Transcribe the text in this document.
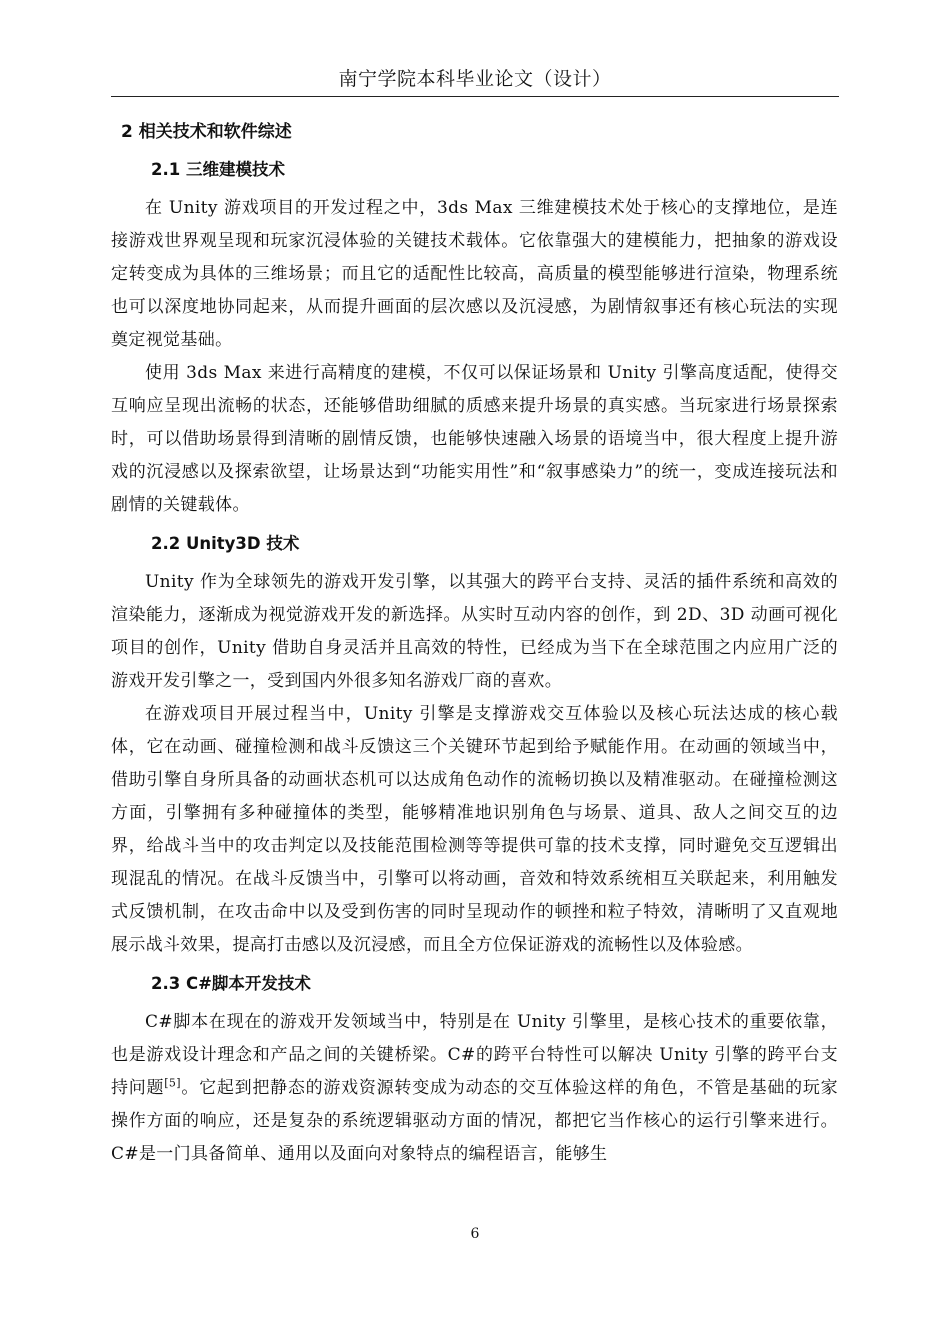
南宁学院本科毕业论文（设计）
2 相关技术和软件综述
2.1 三维建模技术

在 Unity 游戏项目的开发过程之中，3ds Max 三维建模技术处于核心的支撑地位，是连接游戏世界观呈现和玩家沉浸体验的关键技术载体。它依靠强大的建模能力，把抽象的游戏设定转变成为具体的三维场景；而且它的适配性比较高，高质量的模型能够进行渲染，物理系统也可以深度地协同起来，从而提升画面的层次感以及沉浸感，为剧情叙事还有核心玩法的实现奠定视觉基础。

使用 3ds Max 来进行高精度的建模，不仅可以保证场景和 Unity 引擎高度适配，使得交互响应呈现出流畅的状态，还能够借助细腻的质感来提升场景的真实感。当玩家进行场景探索时，可以借助场景得到清晰的剧情反馈，也能够快速融入场景的语境当中，很大程度上提升游戏的沉浸感以及探索欲望，让场景达到“功能实用性”和“叙事感染力”的统一，变成连接玩法和剧情的关键载体。

2.2 Unity3D 技术

Unity 作为全球领先的游戏开发引擎，以其强大的跨平台支持、灵活的插件系统和高效的渲染能力，逐渐成为视觉游戏开发的新选择。从实时互动内容的创作，到 2D、3D 动画可视化项目的创作，Unity 借助自身灵活并且高效的特性，已经成为当下在全球范围之内应用广泛的游戏开发引擎之一，受到国内外很多知名游戏厂商的喜欢。

在游戏项目开展过程当中，Unity 引擎是支撑游戏交互体验以及核心玩法达成的核心载体，它在动画、碰撞检测和战斗反馈这三个关键环节起到给予赋能作用。在动画的领域当中，借助引擎自身所具备的动画状态机可以达成角色动作的流畅切换以及精准驱动。在碰撞检测这方面，引擎拥有多种碰撞体的类型，能够精准地识别角色与场景、道具、敌人之间交互的边界，给战斗当中的攻击判定以及技能范围检测等等提供可靠的技术支撑，同时避免交互逻辑出现混乱的情况。在战斗反馈当中，引擎可以将动画，音效和特效系统相互关联起来，利用触发式反馈机制，在攻击命中以及受到伤害的同时呈现动作的顿挫和粒子特效，清晰明了又直观地展示战斗效果，提高打击感以及沉浸感，而且全方位保证游戏的流畅性以及体验感。

2.3 C#脚本开发技术

C#脚本在现在的游戏开发领域当中，特别是在 Unity 引擎里，是核心技术的重要依靠，也是游戏设计理念和产品之间的关键桥梁。C#的跨平台特性可以解决 Unity 引擎的跨平台支持问题[5]。它起到把静态的游戏资源转变成为动态的交互体验这样的角色，不管是基础的玩家操作方面的响应，还是复杂的系统逻辑驱动方面的情况，都把它当作核心的运行引擎来进行。C#是一门具备简单、通用以及面向对象特点的编程语言，能够生

6
